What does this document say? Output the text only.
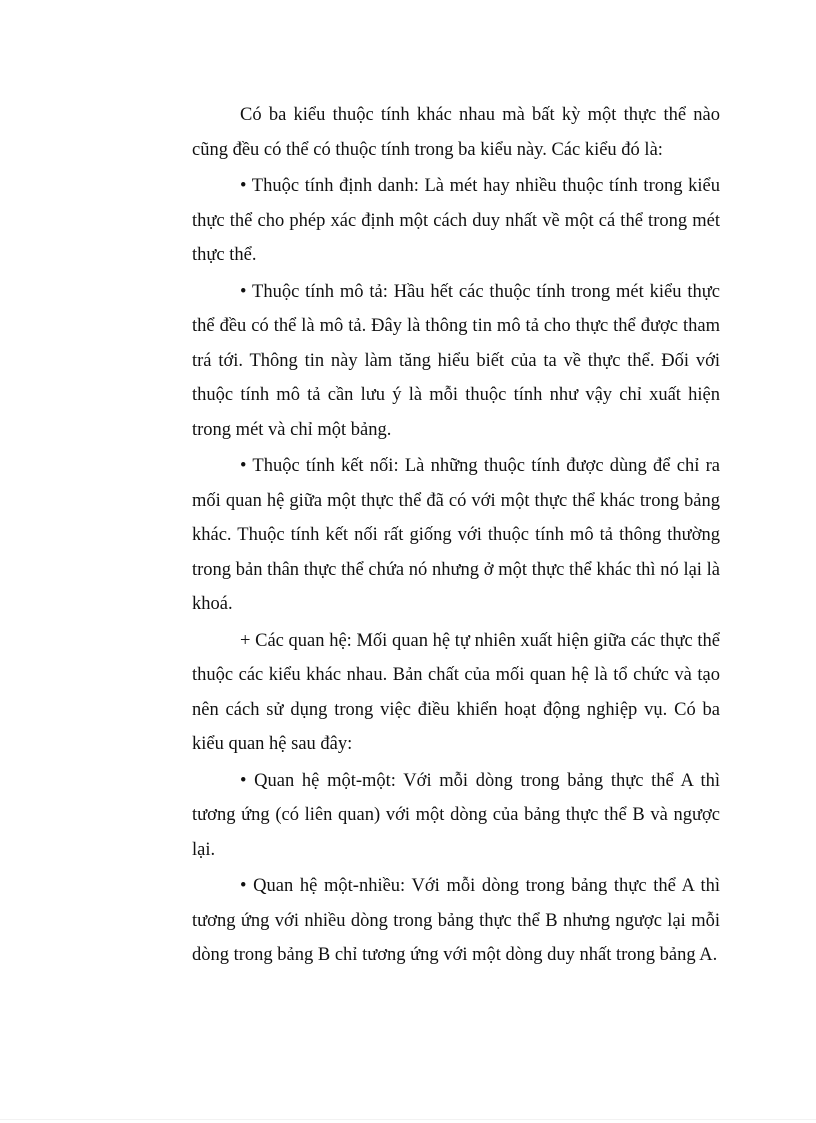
Có ba kiểu thuộc tính khác nhau mà bất kỳ một thực thể nào cũng đều có thể có thuộc tính trong ba kiểu này. Các kiểu đó là:

• Thuộc tính định danh: Là mét hay nhiều thuộc tính trong kiểu thực thể cho phép xác định một cách duy nhất về một cá thể trong mét thực thể.

• Thuộc tính mô tả: Hầu hết các thuộc tính trong mét kiểu thực thể đều có thể là mô tả. Đây là thông tin mô tả cho thực thể được tham trá tới. Thông tin này làm tăng hiểu biết của ta về thực thể. Đối với thuộc tính mô tả cần lưu ý là mỗi thuộc tính như vậy chỉ xuất hiện trong mét và chỉ một bảng.

• Thuộc tính kết nối: Là những thuộc tính được dùng để chỉ ra mối quan hệ giữa một thực thể đã có với một thực thể khác trong bảng khác. Thuộc tính kết nối rất giống với thuộc tính mô tả thông thường trong bản thân thực thể chứa nó nhưng ở một thực thể khác thì nó lại là khoá.

+ Các quan hệ: Mối quan hệ tự nhiên xuất hiện giữa các thực thể thuộc các kiểu khác nhau. Bản chất của mối quan hệ là tổ chức và tạo nên cách sử dụng trong việc điều khiển hoạt động nghiệp vụ. Có ba kiểu quan hệ sau đây:

• Quan hệ một-một: Với mỗi dòng trong bảng thực thể A thì tương ứng (có liên quan) với một dòng của bảng thực thể B và ngược lại.

• Quan hệ một-nhiều: Với mỗi dòng trong bảng thực thể A thì tương ứng với nhiều dòng trong bảng thực thể B nhưng ngược lại mỗi dòng trong bảng B chỉ tương ứng với một dòng duy nhất trong bảng A.
